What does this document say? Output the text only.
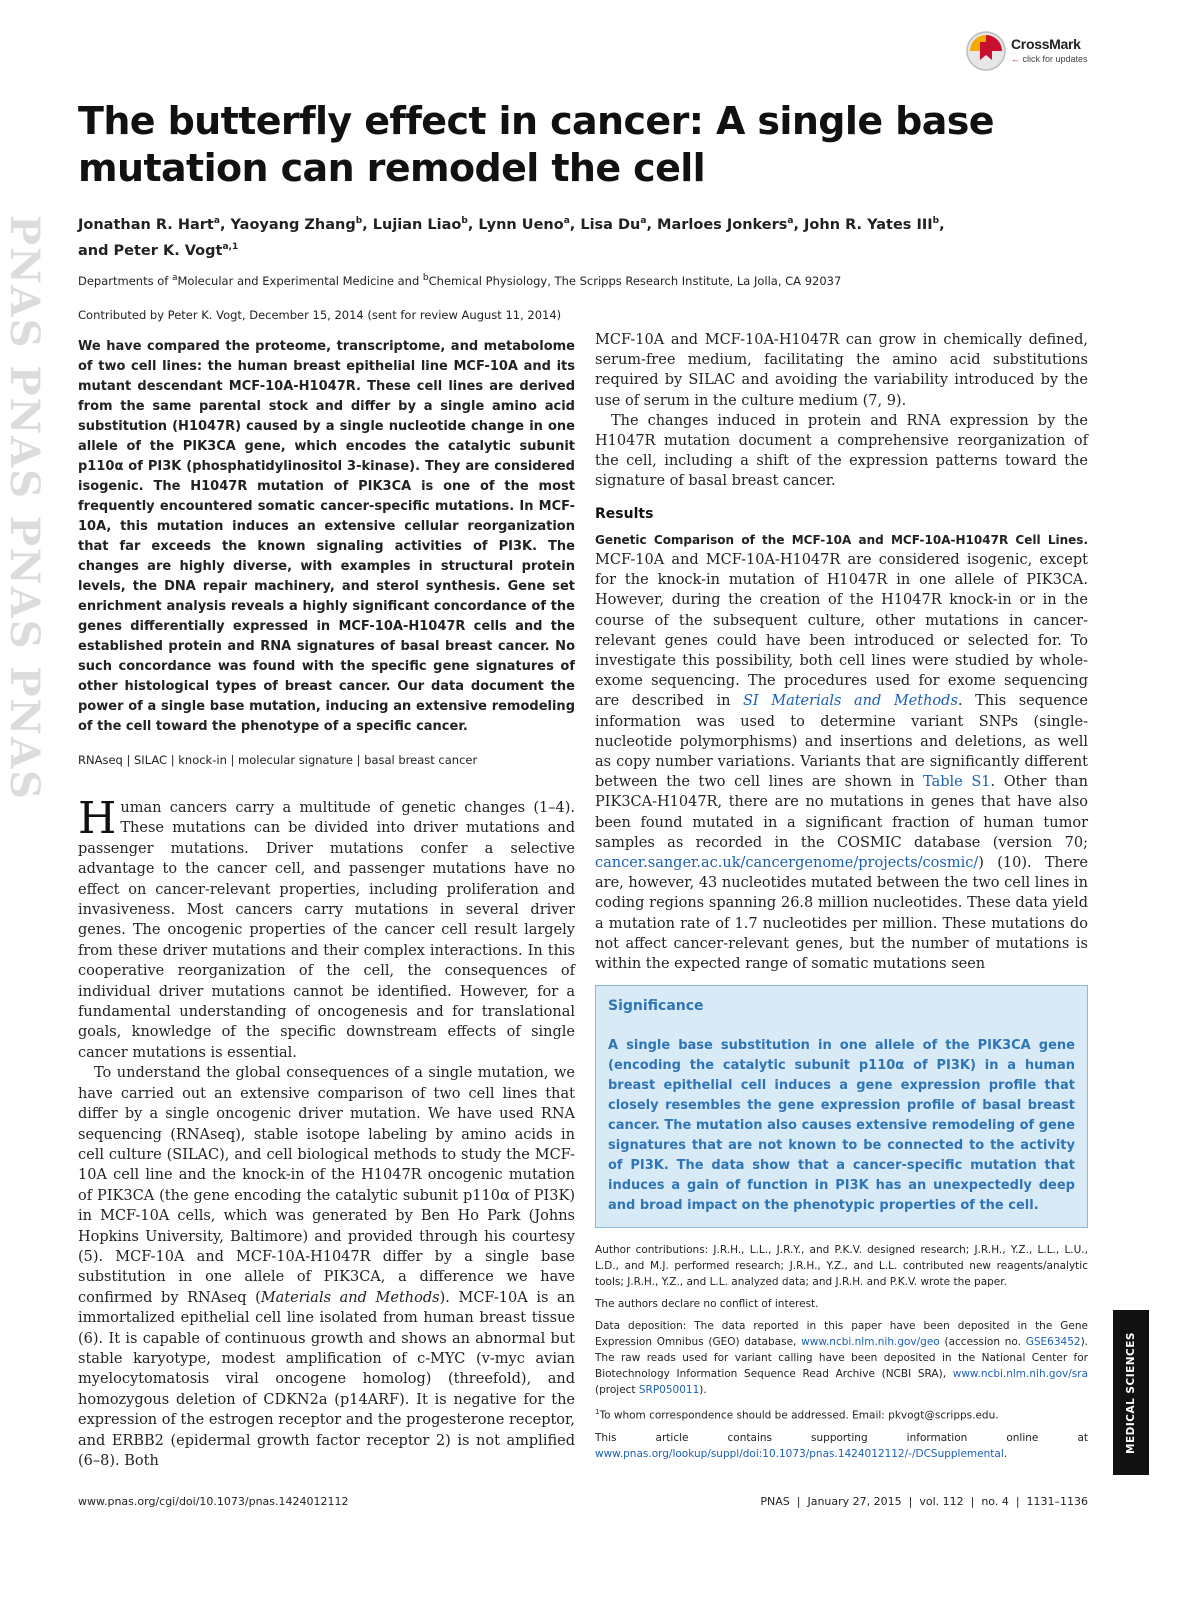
PNAS PNAS PNAS PNAS
CrossMark
← click for updates
The butterfly effect in cancer: A single base mutation can remodel the cell
Jonathan R. Hart$^a$, Yaoyang Zhang$^b$, Lujian Liao$^b$, Lynn Ueno$^a$, Lisa Du$^a$, Marloes Jonkers$^a$, John R. Yates III$^b$,
and Peter K. Vogt$^{a,1}$
Departments of $^a$Molecular and Experimental Medicine and $^b$Chemical Physiology, The Scripps Research Institute, La Jolla, CA 92037
Contributed by Peter K. Vogt, December 15, 2014 (sent for review August 11, 2014)

We have compared the proteome, transcriptome, and metabolome of two cell lines: the human breast epithelial line MCF-10A and its mutant descendant MCF-10A-H1047R. These cell lines are derived from the same parental stock and differ by a single amino acid substitution (H1047R) caused by a single nucleotide change in one allele of the PIK3CA gene, which encodes the catalytic subunit p110α of PI3K (phosphatidylinositol 3-kinase). They are considered isogenic. The H1047R mutation of PIK3CA is one of the most frequently encountered somatic cancer-specific mutations. In MCF-10A, this mutation induces an extensive cellular reorganization that far exceeds the known signaling activities of PI3K. The changes are highly diverse, with examples in structural protein levels, the DNA repair machinery, and sterol synthesis. Gene set enrichment analysis reveals a highly significant concordance of the genes differentially expressed in MCF-10A-H1047R cells and the established protein and RNA signatures of basal breast cancer. No such concordance was found with the specific gene signatures of other histological types of breast cancer. Our data document the power of a single base mutation, inducing an extensive remodeling of the cell toward the phenotype of a specific cancer.

RNAseq | SILAC | knock-in | molecular signature | basal breast cancer

Human cancers carry a multitude of genetic changes (1–4). These mutations can be divided into driver mutations and passenger mutations. Driver mutations confer a selective advantage to the cancer cell, and passenger mutations have no effect on cancer-relevant properties, including proliferation and invasiveness. Most cancers carry mutations in several driver genes. The oncogenic properties of the cancer cell result largely from these driver mutations and their complex interactions. In this cooperative reorganization of the cell, the consequences of individual driver mutations cannot be identified. However, for a fundamental understanding of oncogenesis and for translational goals, knowledge of the specific downstream effects of single cancer mutations is essential.

To understand the global consequences of a single mutation, we have carried out an extensive comparison of two cell lines that differ by a single oncogenic driver mutation. We have used RNA sequencing (RNAseq), stable isotope labeling by amino acids in cell culture (SILAC), and cell biological methods to study the MCF-10A cell line and the knock-in of the H1047R oncogenic mutation of PIK3CA (the gene encoding the catalytic subunit p110α of PI3K) in MCF-10A cells, which was generated by Ben Ho Park (Johns Hopkins University, Baltimore) and provided through his courtesy (5). MCF-10A and MCF-10A-H1047R differ by a single base substitution in one allele of PIK3CA, a difference we have confirmed by RNAseq (Materials and Methods). MCF-10A is an immortalized epithelial cell line isolated from human breast tissue (6). It is capable of continuous growth and shows an abnormal but stable karyotype, modest amplification of c-MYC (v-myc avian myelocytomatosis viral oncogene homolog) (threefold), and homozygous deletion of CDKN2a (p14ARF). It is negative for the expression of the estrogen receptor and the progesterone receptor, and ERBB2 (epidermal growth factor receptor 2) is not amplified (6–8). Both

MCF-10A and MCF-10A-H1047R can grow in chemically defined, serum-free medium, facilitating the amino acid substitutions required by SILAC and avoiding the variability introduced by the use of serum in the culture medium (7, 9).

The changes induced in protein and RNA expression by the H1047R mutation document a comprehensive reorganization of the cell, including a shift of the expression patterns toward the signature of basal breast cancer.

Results

Genetic Comparison of the MCF-10A and MCF-10A-H1047R Cell Lines. MCF-10A and MCF-10A-H1047R are considered isogenic, except for the knock-in mutation of H1047R in one allele of PIK3CA. However, during the creation of the H1047R knock-in or in the course of the subsequent culture, other mutations in cancer-relevant genes could have been introduced or selected for. To investigate this possibility, both cell lines were studied by whole-exome sequencing. The procedures used for exome sequencing are described in SI Materials and Methods. This sequence information was used to determine variant SNPs (single-nucleotide polymorphisms) and insertions and deletions, as well as copy number variations. Variants that are significantly different between the two cell lines are shown in Table S1. Other than PIK3CA-H1047R, there are no mutations in genes that have also been found mutated in a significant fraction of human tumor samples as recorded in the COSMIC database (version 70; cancer.sanger.ac.uk/cancergenome/projects/cosmic/) (10). There are, however, 43 nucleotides mutated between the two cell lines in coding regions spanning 26.8 million nucleotides. These data yield a mutation rate of 1.7 nucleotides per million. These mutations do not affect cancer-relevant genes, but the number of mutations is within the expected range of somatic mutations seen

Significance
A single base substitution in one allele of the PIK3CA gene (encoding the catalytic subunit p110α of PI3K) in a human breast epithelial cell induces a gene expression profile that closely resembles the gene expression profile of basal breast cancer. The mutation also causes extensive remodeling of gene signatures that are not known to be connected to the activity of PI3K. The data show that a cancer-specific mutation that induces a gain of function in PI3K has an unexpectedly deep and broad impact on the phenotypic properties of the cell.

Author contributions: J.R.H., L.L., J.R.Y., and P.K.V. designed research; J.R.H., Y.Z., L.L., L.U., L.D., and M.J. performed research; J.R.H., Y.Z., and L.L. contributed new reagents/analytic tools; J.R.H., Y.Z., and L.L. analyzed data; and J.R.H. and P.K.V. wrote the paper.

The authors declare no conflict of interest.

Data deposition: The data reported in this paper have been deposited in the Gene Expression Omnibus (GEO) database, www.ncbi.nlm.nih.gov/geo (accession no. GSE63452). The raw reads used for variant calling have been deposited in the National Center for Biotechnology Information Sequence Read Archive (NCBI SRA), www.ncbi.nlm.nih.gov/sra (project SRP050011).

$^1$To whom correspondence should be addressed. Email: pkvogt@scripps.edu.

This article contains supporting information online at www.pnas.org/lookup/suppl/doi:10.1073/pnas.1424012112/-/DCSupplemental.	MEDICAL SCIENCES
www.pnas.org/cgi/doi/10.1073/pnas.1424012112	PNAS  |  January 27, 2015  |  vol. 112  |  no. 4  |  1131–1136
